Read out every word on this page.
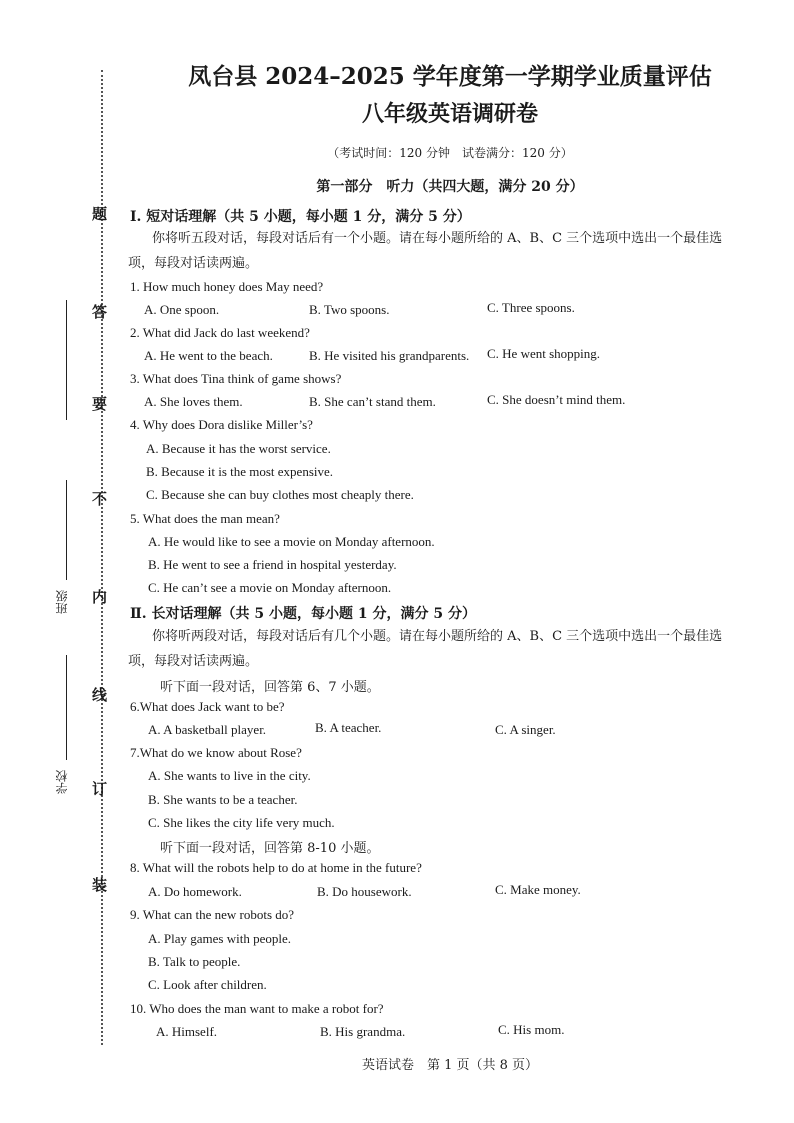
题
答
要
不
内
线
订
装
班级
学校
凤台县 2024–2025 学年度第一学期学业质量评估
八年级英语调研卷
（考试时间：120 分钟　试卷满分：120 分）
第一部分　听力（共四大题，满分 20 分）
Ⅰ. 短对话理解（共 5 小题，每小题 1 分，满分 5 分）
你将听五段对话，每段对话后有一个小题。请在每小题所给的 A、B、C 三个选项中选出一个最佳选项，每段对话读两遍。
1. How much honey does May need?
A. One spoon.	B. Two spoons.	C. Three spoons.
2. What did Jack do last weekend?
A. He went to the beach.	B. He visited his grandparents. C. He went shopping.
3. What does Tina think of game shows?
A. She loves them.	B. She can’t stand them.	C. She doesn’t mind them.
4. Why does Dora dislike Miller’s?
A. Because it has the worst service.
B. Because it is the most expensive.
C. Because she can buy clothes most cheaply there.
5. What does the man mean?
A. He would like to see a movie on Monday afternoon.
B. He went to see a friend in hospital yesterday.
C. He can’t see a movie on Monday afternoon.
Ⅱ. 长对话理解（共 5 小题，每小题 1 分，满分 5 分）
你将听两段对话，每段对话后有几个小题。请在每小题所给的 A、B、C 三个选项中选出一个最佳选项，每段对话读两遍。
听下面一段对话，回答第 6、7 小题。
6.What does Jack want to be?
A. A basketball player.	B. A teacher.	C. A singer.
7.What do we know about Rose?
A. She wants to live in the city.
B. She wants to be a teacher.
C. She likes the city life very much.
听下面一段对话，回答第 8-10 小题。
8. What will the robots help to do at home in the future?
A. Do homework.	B. Do housework.	C. Make money.
9. What can the new robots do?
A. Play games with people.
B. Talk to people.
C. Look after children.
10. Who does the man want to make a robot for?
A. Himself.	B. His grandma.	C. His mom.
英语试卷　第 1 页（共 8 页）
